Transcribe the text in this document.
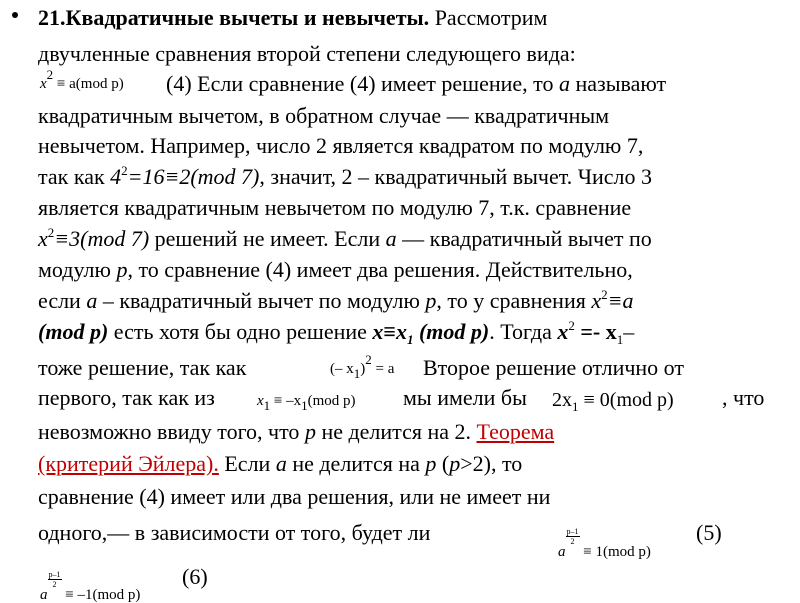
21.Квадратичные вычеты и невычеты. Рассмотрим
двучленные сравнения второй степени следующего вида:
$x^2 \equiv a(mod$ p) (4) Если сравнение (4) имеет решение, то a называют
квадратичным вычетом, в обратном случае — квадратичным
невычетом. Например, число 2 является квадратом по модулю 7,
так как $4^2=16\equiv 2(mod$ 7), значит, 2 – квадратичный вычет. Число 3
является квадратичным невычетом по модулю 7, т.к. сравнение
$x^2\equiv 3(mod$ 7) решений не имеет. Если a — квадратичный вычет по
модулю p, то сравнение (4) имеет два решения. Действительно,
если a – квадратичный вычет по модулю p, то у сравнения $x^2\equiv a$
(mod p) есть хотя бы одно решение $x\equiv x_1$ (mod p). Тогда $x^2 =- x_1-$
тоже решение, так как	(– $x_1)^2 = a$ Второе решение отлично от
первого, так как из	$x_1 \equiv -x_1(mod$ p) мы имели бы $2x_1 \equiv 0(mod$ p) , что
невозможно ввиду того, что p не делится на 2. Теорема
(критерий Эйлера). Если a не делится на p (p>2), то
сравнение (4) имеет или два решения, или не имеет ни
одного,— в зависимости от того, будет ли
a
$\frac{p-1}{2}$
≡ 1(mod p)
(5)
a
$\frac{p-1}{2}$
≡ –1(mod p)
(6)
